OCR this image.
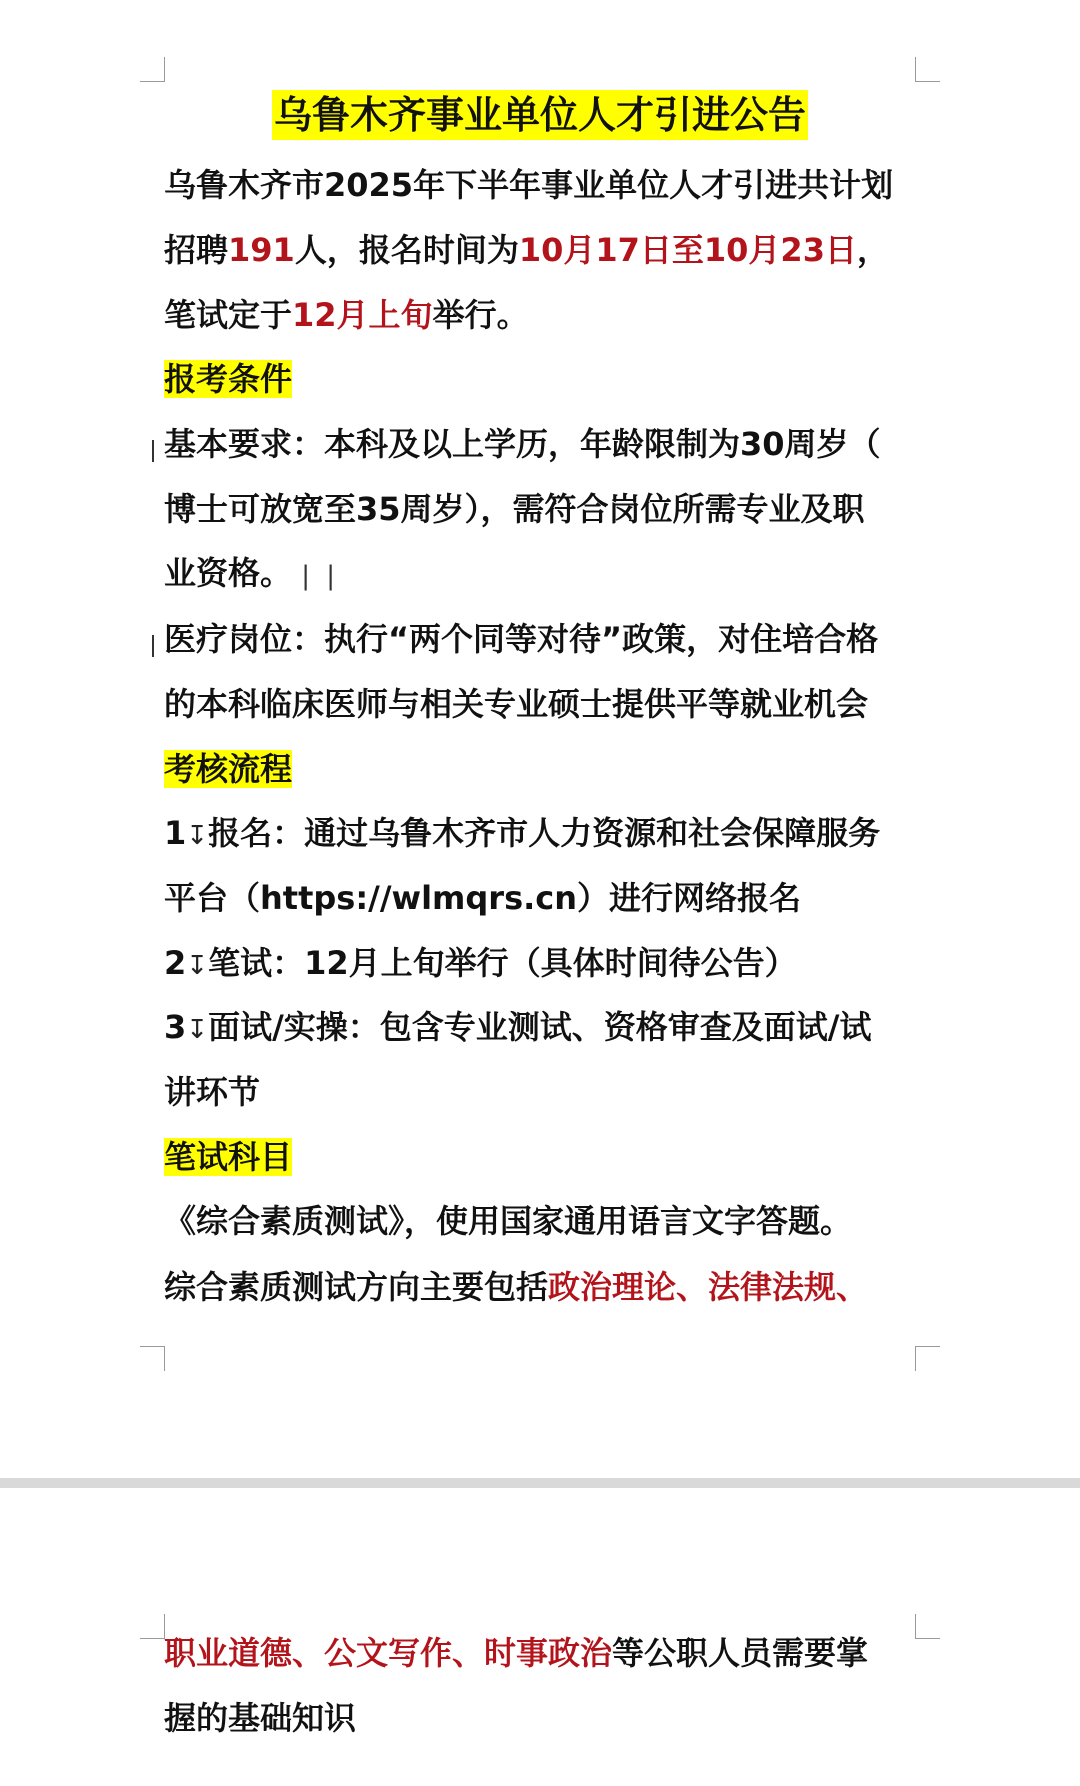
乌鲁木齐事业单位人才引进公告
乌鲁木齐市2025年下半年事业单位人才引进共计划
招聘191人，报名时间为10月17日至10月23日，
笔试定于12月上旬举行。
报考条件
基本要求：本科及以上学历，年龄限制为30周岁（
博士可放宽至35周岁），需符合岗位所需专业及职
业资格。 | |
医疗岗位：执行“两个同等对待”政策，对住培合格
的本科临床医师与相关专业硕士提供平等就业机会
考核流程
1↧报名：通过乌鲁木齐市人力资源和社会保障服务
平台（https://wlmqrs.cn）进行网络报名
2↧笔试：12月上旬举行（具体时间待公告）
3↧面试/实操：包含专业测试、资格审查及面试/试
讲环节
笔试科目
《综合素质测试》，使用国家通用语言文字答题。
综合素质测试方向主要包括政治理论、法律法规、
职业道德、公文写作、时事政治等公职人员需要掌
握的基础知识
